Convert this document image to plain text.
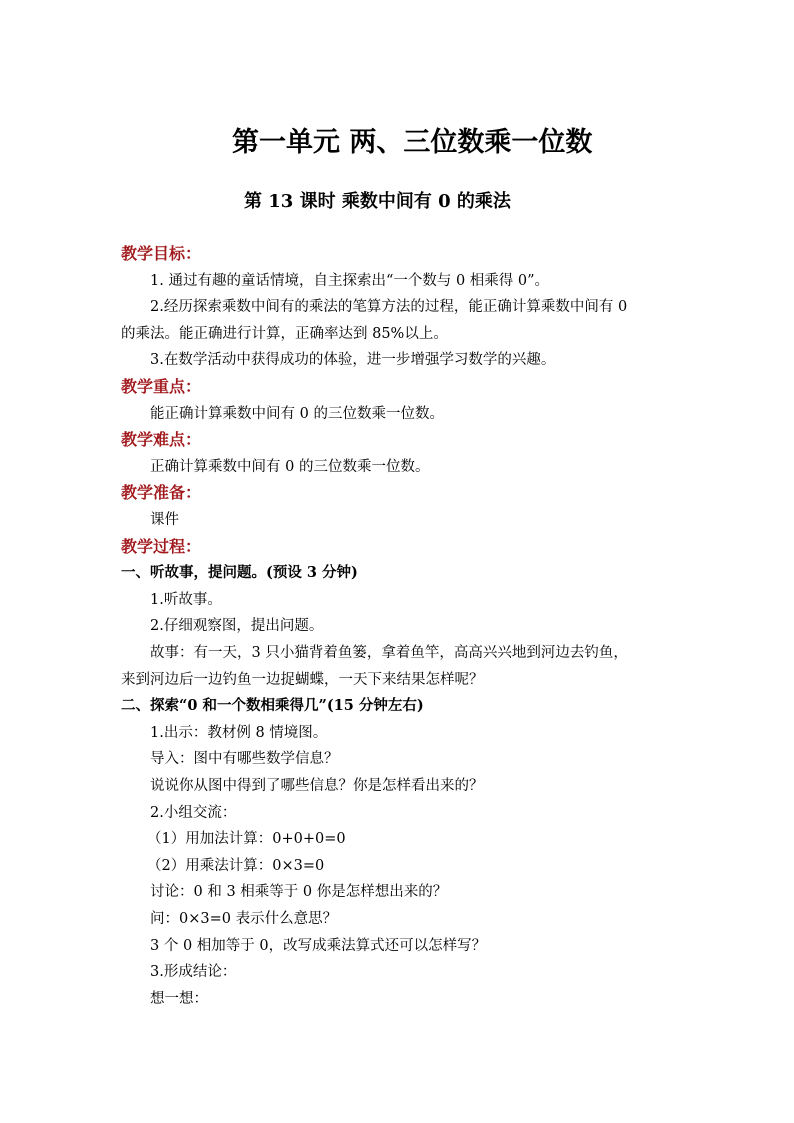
第一单元 两、三位数乘一位数
第 13 课时 乘数中间有 0 的乘法
教学目标：
1. 通过有趣的童话情境，自主探索出“一个数与 0 相乘得 0”。
2.经历探索乘数中间有的乘法的笔算方法的过程，能正确计算乘数中间有 0
的乘法。能正确进行计算，正确率达到 85%以上。
3.在数学活动中获得成功的体验，进一步增强学习数学的兴趣。
教学重点：
能正确计算乘数中间有 0 的三位数乘一位数。
教学难点：
正确计算乘数中间有 0 的三位数乘一位数。
教学准备：
课件
教学过程：
一、听故事，提问题。(预设 3 分钟)
1.听故事。
2.仔细观察图，提出问题。
故事：有一天，3 只小猫背着鱼篓，拿着鱼竿，高高兴兴地到河边去钓鱼，
来到河边后一边钓鱼一边捉蝴蝶，一天下来结果怎样呢？
二、探索“0 和一个数相乘得几”(15 分钟左右)
1.出示：教材例 8 情境图。
导入：图中有哪些数学信息？
说说你从图中得到了哪些信息？你是怎样看出来的？
2.小组交流：
（1）用加法计算：0+0+0=0
（2）用乘法计算：0×3=0
讨论：0 和 3 相乘等于 0 你是怎样想出来的？
问：0×3=0 表示什么意思？
3 个 0 相加等于 0，改写成乘法算式还可以怎样写？
3.形成结论：
想一想：
